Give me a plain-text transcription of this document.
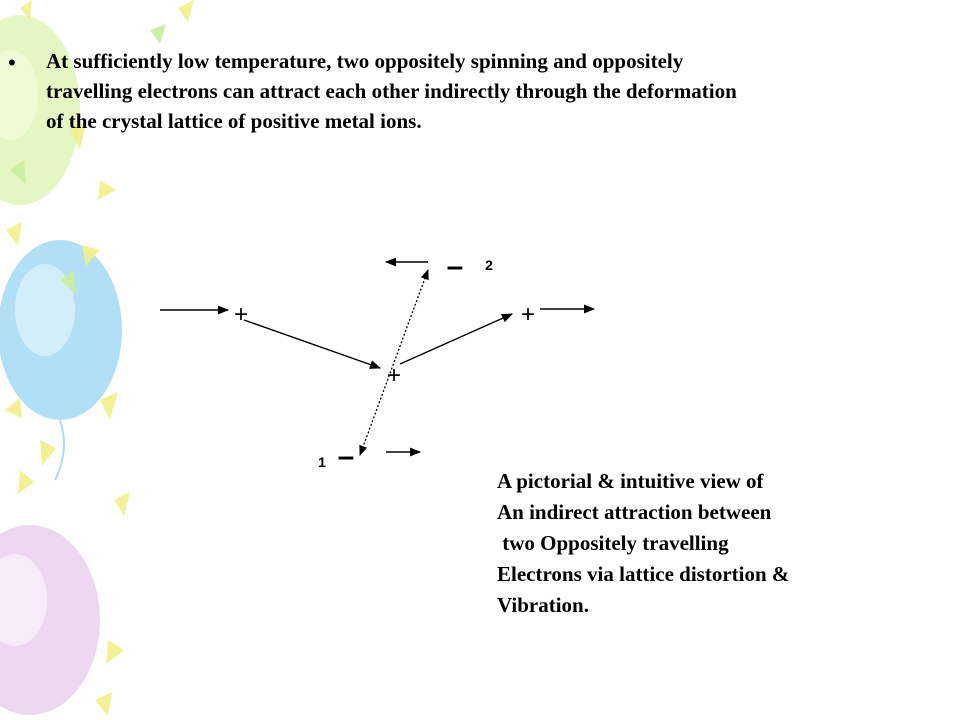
• At sufficiently low temperature, two oppositely spinning and oppositely
travelling electrons can attract each other indirectly through the deformation
of the crystal lattice of positive metal ions.
+
+
+
– 2
–
1
A pictorial & intuitive view of
An indirect attraction between
two Oppositely travelling
Electrons via lattice distortion &
Vibration.
